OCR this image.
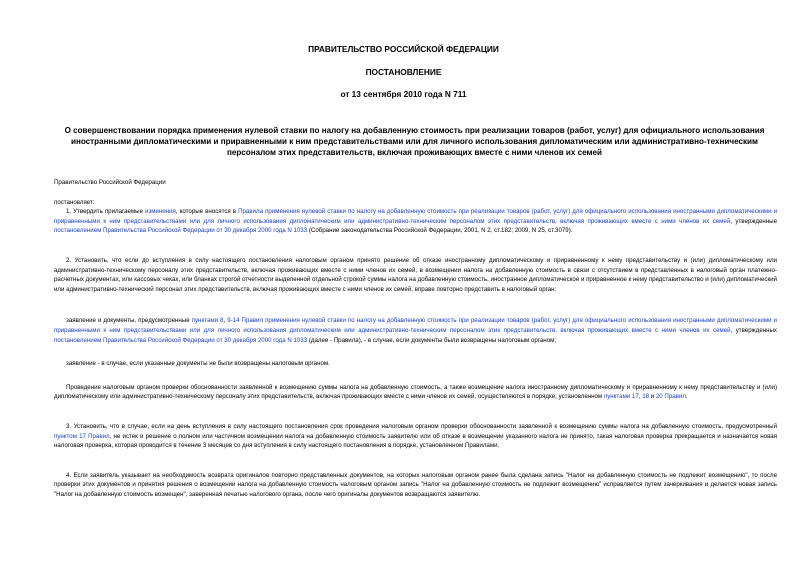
ПРАВИТЕЛЬСТВО РОССИЙСКОЙ ФЕДЕРАЦИИ
ПОСТАНОВЛЕНИЕ
от 13 сентября 2010 года N 711
О совершенствовании порядка применения нулевой ставки по налогу на добавленную стоимость при реализации товаров (работ, услуг) для официального использования иностранными дипломатическими и приравненными к ним представительствами или для личного использования дипломатическим или административно-техническим персоналом этих представительств, включая проживающих вместе с ними членов их семей

Правительство Российской Федерации

постановляет:

1. Утвердить прилагаемые изменения, которые вносятся в Правила применения нулевой ставки по налогу на добавленную стоимость при реализации товаров (работ, услуг) для официального использования иностранными дипломатическими и приравненными к ним представительствами или для личного использования дипломатическим или административно-техническим персоналом этих представительств, включая проживающих вместе с ними членов их семей, утвержденные постановлением Правительства Российской Федерации от 30 декабря 2000 года N 1033 (Собрание законодательства Российской Федерации, 2001, N 2, ст.182; 2009, N 25, ст.3079).

2. Установить, что если до вступления в силу настоящего постановления налоговым органом принято решение об отказе иностранному дипломатическому и приравненному к нему представительству и (или) дипломатическому или административно-техническому персоналу этих представительств, включая проживающих вместе с ними членов их семей, в возмещении налога на добавленную стоимость в связи с отсутствием в представленных в налоговый орган платежно-расчетных документах, или кассовых чеках, или бланках строгой отчетности выделенной отдельной строкой суммы налога на добавленную стоимость, иностранное дипломатическое и приравненное к нему представительство и (или) дипломатический или административно-технический персонал этих представительств, включая проживающих вместе с ними членов их семей, вправе повторно представить в налоговый орган:

заявление и документы, предусмотренные пунктами 8, 9-14 Правил применения нулевой ставки по налогу на добавленную стоимость при реализации товаров (работ, услуг) для официального использования иностранными дипломатическими и приравненными к ним представительствами или для личного использования дипломатическим или административно-техническим персоналом этих представительств, включая проживающих вместе с ними членов их семей, утвержденных постановлением Правительства Российской Федерации от 30 декабря 2000 года N 1033 (далее - Правила), - в случае, если документы были возвращены налоговым органом;

заявление - в случае, если указанные документы не были возвращены налоговым органом.

Проведение налоговым органом проверки обоснованности заявленной к возмещению суммы налога на добавленную стоимость, а также возмещение налога иностранному дипломатическому и приравненному к нему представительству и (или) дипломатическому или административно-техническому персоналу этих представительств, включая проживающих вместе с ними членов их семей, осуществляются в порядке, установленном пунктами 17, 18 и 20 Правил.

3. Установить, что в случае, если на день вступления в силу настоящего постановления срок проведения налоговым органом проверки обоснованности заявленной к возмещению суммы налога на добавленную стоимость, предусмотренный пунктом 17 Правил, не истек и решение о полном или частичном возмещении налога на добавленную стоимость заявителю или об отказе в возмещении указанного налога не принято, такая налоговая проверка прекращается и назначается новая налоговая проверка, которая проводится в течение 3 месяцев со дня вступления в силу настоящего постановления в порядке, установленном Правилами.

4. Если заявитель указывает на необходимость возврата оригиналов повторно представленных документов, на которых налоговым органом ранее была сделана запись "Налог на добавленную стоимость не подлежит возмещению", то после проверки этих документов и принятия решения о возмещении налога на добавленную стоимость налоговым органом запись "Налог на добавленную стоимость не подлежит возмещению" исправляется путем зачеркивания и делается новая запись "Налог на добавленную стоимость возмещен", заверенная печатью налогового органа, после чего оригиналы документов возвращаются заявителю.
